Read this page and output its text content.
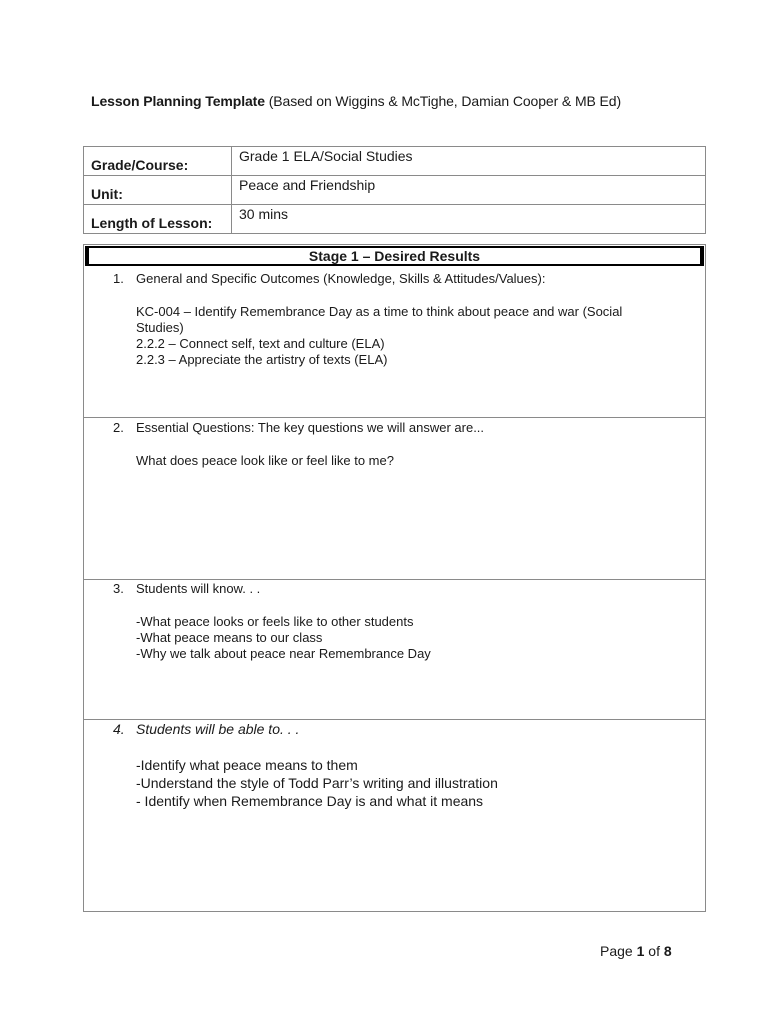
Lesson Planning Template (Based on Wiggins & McTighe, Damian Cooper & MB Ed)
Grade/Course:	Grade 1 ELA/Social Studies
Unit:	Peace and Friendship
Length of Lesson:	30 mins
Stage 1 – Desired Results
1. General and Specific Outcomes (Knowledge, Skills & Attitudes/Values):
KC-004 – Identify Remembrance Day as a time to think about peace and war (Social
Studies)
2.2.2 – Connect self, text and culture (ELA)
2.2.3 – Appreciate the artistry of texts (ELA)
2. Essential Questions: The key questions we will answer are...
What does peace look like or feel like to me?
3. Students will know. . .
-What peace looks or feels like to other students
-What peace means to our class
-Why we talk about peace near Remembrance Day
4. Students will be able to. . .
-Identify what peace means to them
-Understand the style of Todd Parr’s writing and illustration
- Identify when Remembrance Day is and what it means
Page 1 of 8
